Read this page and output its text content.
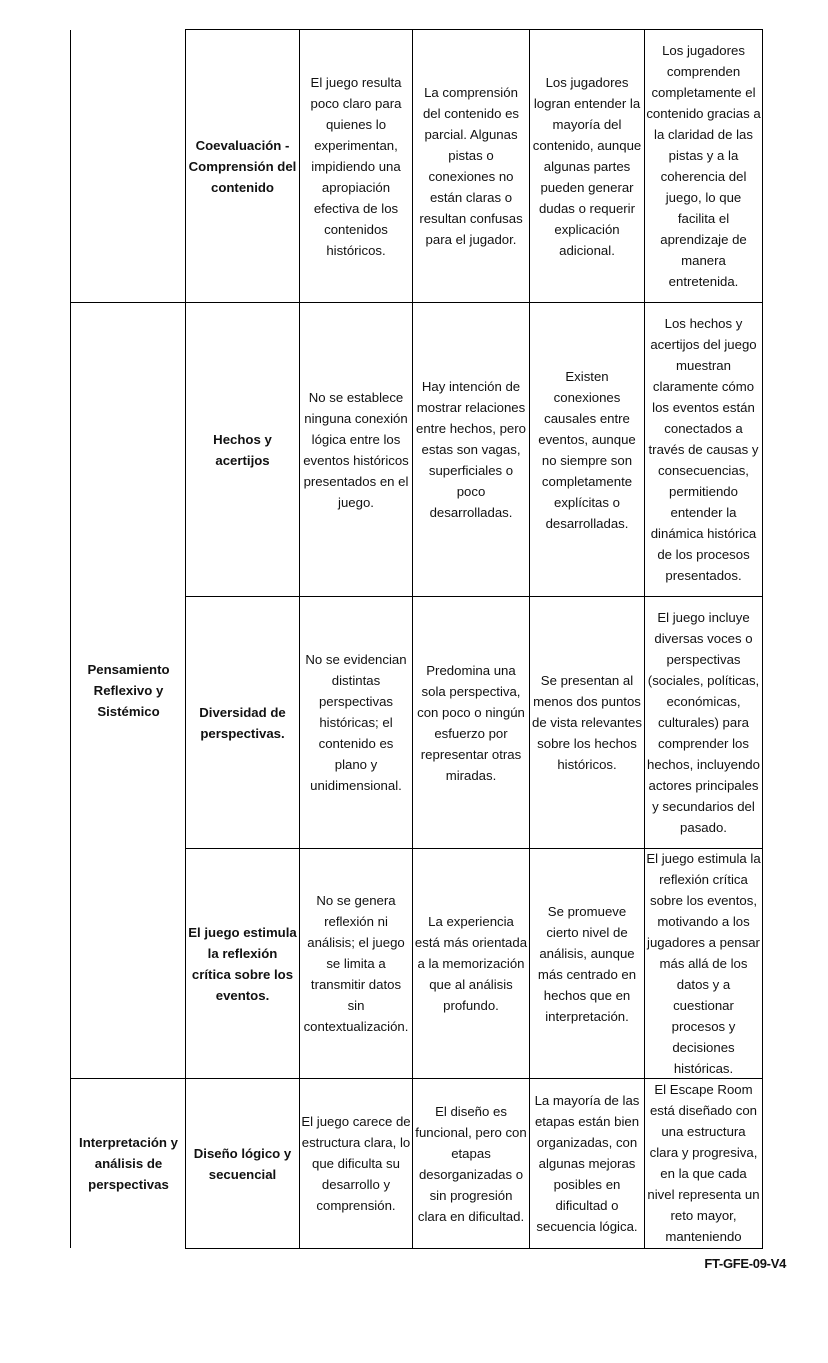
Pensamiento Reflexivo y Sistémico
Interpretación y análisis de perspectivas
Coevaluación - Comprensión del contenido
El juego resulta poco claro para quienes lo experimentan, impidiendo una apropiación efectiva de los contenidos históricos.
La comprensión del contenido es parcial. Algunas pistas o conexiones no están claras o resultan confusas para el jugador.
Los jugadores logran entender la mayoría del contenido, aunque algunas partes pueden generar dudas o requerir explicación adicional.
Los jugadores comprenden completamente el contenido gracias a la claridad de las pistas y a la coherencia del juego, lo que facilita el aprendizaje de manera entretenida.
Hechos y acertijos
No se establece ninguna conexión lógica entre los eventos históricos presentados en el juego.
Hay intención de mostrar relaciones entre hechos, pero estas son vagas, superficiales o poco desarrolladas.
Existen conexiones causales entre eventos, aunque no siempre son completamente explícitas o desarrolladas.
Los hechos y acertijos del juego muestran claramente cómo los eventos están conectados a través de causas y consecuencias, permitiendo entender la dinámica histórica de los procesos presentados.
Diversidad de perspectivas.
No se evidencian distintas perspectivas históricas; el contenido es plano y unidimensional.
Predomina una sola perspectiva, con poco o ningún esfuerzo por representar otras miradas.
Se presentan al menos dos puntos de vista relevantes sobre los hechos históricos.
El juego incluye diversas voces o perspectivas (sociales, políticas, económicas, culturales) para comprender los hechos, incluyendo actores principales y secundarios del pasado.
El juego estimula la reflexión crítica sobre los eventos.
No se genera reflexión ni análisis; el juego se limita a transmitir datos sin contextualización.
La experiencia está más orientada a la memorización que al análisis profundo.
Se promueve cierto nivel de análisis, aunque más centrado en hechos que en interpretación.
El juego estimula la reflexión crítica sobre los eventos, motivando a los jugadores a pensar más allá de los datos y a cuestionar procesos y decisiones históricas.
Diseño lógico y secuencial
El juego carece de estructura clara, lo que dificulta su desarrollo y comprensión.
El diseño es funcional, pero con etapas desorganizadas o sin progresión clara en dificultad.
La mayoría de las etapas están bien organizadas, con algunas mejoras posibles en dificultad o secuencia lógica.
El Escape Room está diseñado con una estructura clara y progresiva, en la que cada nivel representa un reto mayor, manteniendo
FT-GFE-09-V4
